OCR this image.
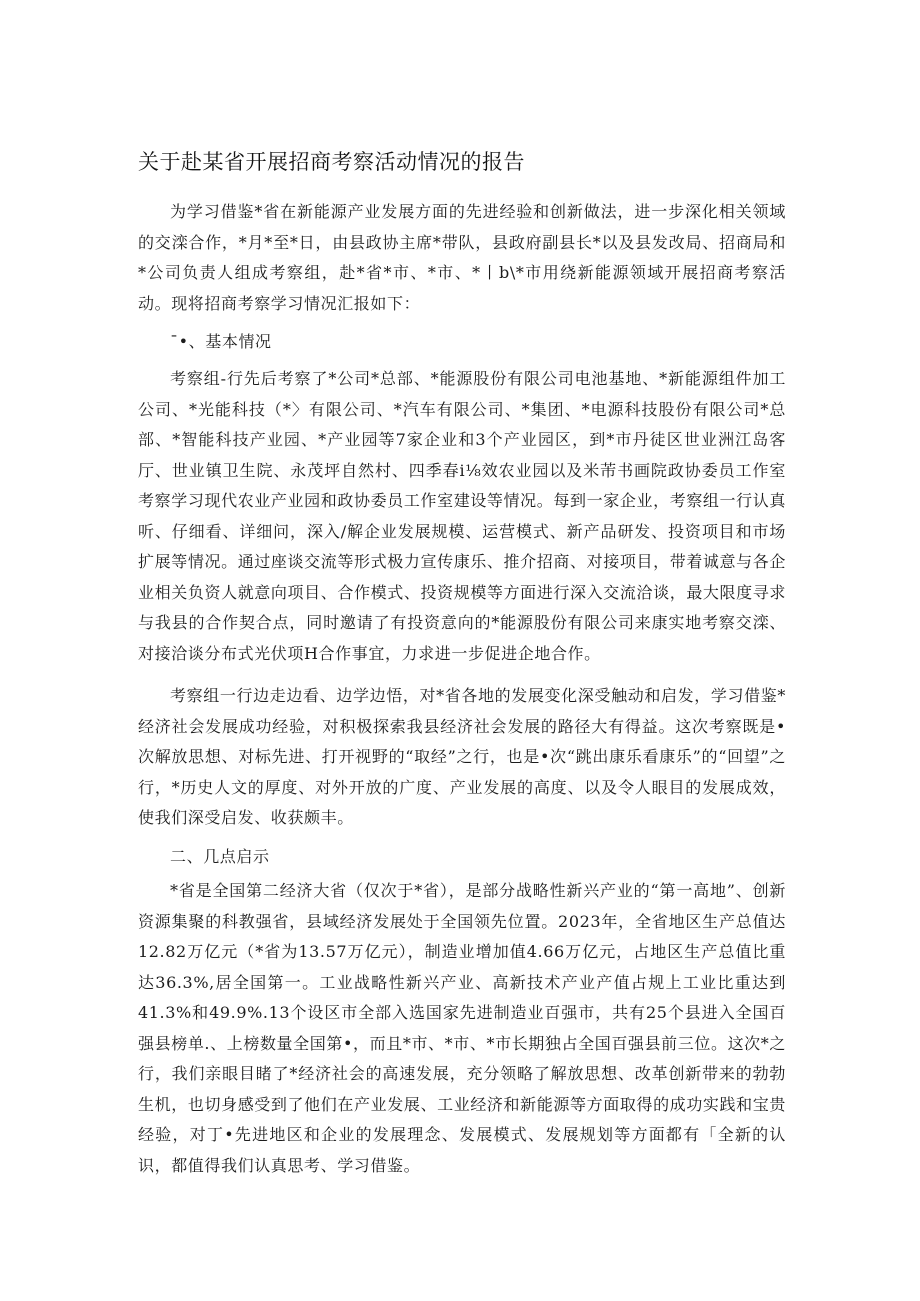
关于赴某省开展招商考察活动情况的报告

为学习借鉴*省在新能源产业发展方面的先进经验和创新做法，进一步深化相关领域的交滦合作，*月*至*日，由县政协主席*带队，县政府副县长*以及县发改局、招商局和*公司负责人组成考察组，赴*省*市、*市、*丨b\*市用绕新能源领域开展招商考察活动。现将招商考察学习情况汇报如下：

¯•、基本情况

考察组-行先后考察了*公司*总部、*能源股份有限公司电池基地、*新能源组件加工公司、*光能科技（*〉有限公司、*汽车有限公司、*集团、*电源科技股份有限公司*总部、*智能科技产业园、*产业园等7家企业和3个产业园区，到*市丹徒区世业洲江岛客厅、世业镇卫生院、永茂坪自然村、四季春i⅛效农业园以及米芾书画院政协委员工作室考察学习现代农业产业园和政协委员工作室建设等情况。每到一家企业，考察组一行认真听、仔细看、详细问，深入/解企业发展规模、运营模式、新产品研发、投资项目和市场扩展等情况。通过座谈交流等形式极力宣传康乐、推介招商、对接项目，带着诚意与各企业相关负资人就意向项目、合作模式、投资规模等方面进行深入交流洽谈，最大限度寻求与我县的合作契合点，同时邀请了有投资意向的*能源股份有限公司来康实地考察交滦、对接洽谈分布式光伏项H合作事宜，力求进一步促进企地合作。

考察组一行边走边看、边学边悟，对*省各地的发展变化深受触动和启发，学习借鉴*经济社会发展成功经验，对积极探索我县经济社会发展的路径大有得益。这次考察既是•次解放思想、对标先进、打开视野的“取经”之行，也是•次“跳出康乐看康乐”的“回望”之行，*历史人文的厚度、对外开放的广度、产业发展的高度、以及令人眼目的发展成效，使我们深受启发、收获颇丰。

二、几点启示

*省是全国第二经济大省（仅次于*省），是部分战略性新兴产业的“第一高地”、创新资源集聚的科教强省，县域经济发展处于全国领先位置。2023年，全省地区生产总值达12.82万亿元（*省为13.57万亿元），制造业增加值4.66万亿元，占地区生产总值比重达36.3%,居全国第一。工业战略性新兴产业、高新技术产业产值占规上工业比重达到41.3%和49.9%.13个设区市全部入选国家先进制造业百强市，共有25个县进入全国百强县榜单.、上榜数量全国第•，而且*市、*市、*市长期独占全国百强县前三位。这次*之行，我们亲眼目睹了*经济社会的高速发展，充分领略了解放思想、改革创新带来的勃勃生机，也切身感受到了他们在产业发展、工业经济和新能源等方面取得的成功实践和宝贵经验，对丁•先进地区和企业的发展理念、发展模式、发展规划等方面都有「全新的认识，都值得我们认真思考、学习借鉴。
